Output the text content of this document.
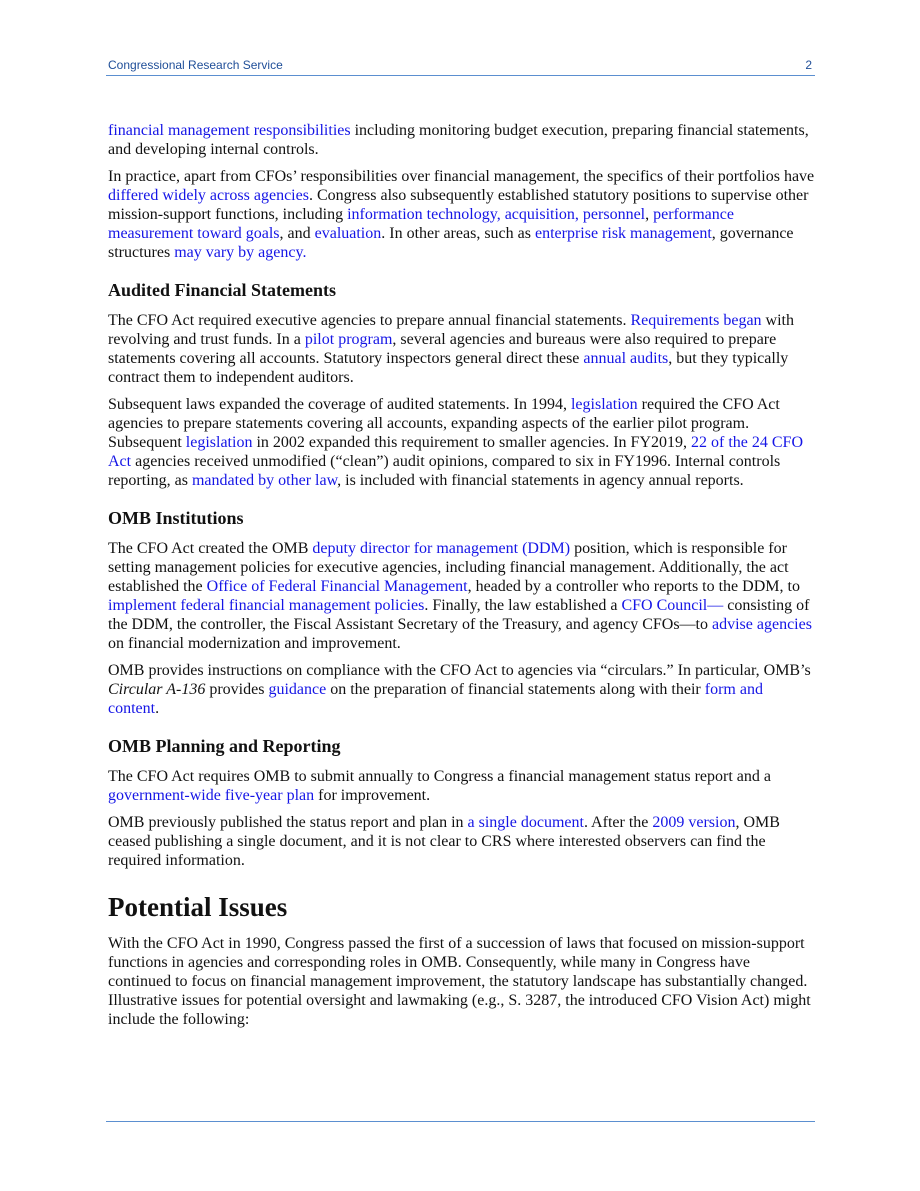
Congressional Research Service	2

financial management responsibilities including monitoring budget execution, preparing financial statements, and developing internal controls.

In practice, apart from CFOs’ responsibilities over financial management, the specifics of their portfolios have differed widely across agencies. Congress also subsequently established statutory positions to supervise other mission-support functions, including information technology, acquisition, personnel, performance measurement toward goals, and evaluation. In other areas, such as enterprise risk management, governance structures may vary by agency.

Audited Financial Statements

The CFO Act required executive agencies to prepare annual financial statements. Requirements began with revolving and trust funds. In a pilot program, several agencies and bureaus were also required to prepare statements covering all accounts. Statutory inspectors general direct these annual audits, but they typically contract them to independent auditors.

Subsequent laws expanded the coverage of audited statements. In 1994, legislation required the CFO Act agencies to prepare statements covering all accounts, expanding aspects of the earlier pilot program. Subsequent legislation in 2002 expanded this requirement to smaller agencies. In FY2019, 22 of the 24 CFO Act agencies received unmodified (“clean”) audit opinions, compared to six in FY1996. Internal controls reporting, as mandated by other law, is included with financial statements in agency annual reports.

OMB Institutions

The CFO Act created the OMB deputy director for management (DDM) position, which is responsible for setting management policies for executive agencies, including financial management. Additionally, the act established the Office of Federal Financial Management, headed by a controller who reports to the DDM, to implement federal financial management policies. Finally, the law established a CFO Council— consisting of the DDM, the controller, the Fiscal Assistant Secretary of the Treasury, and agency CFOs—to advise agencies on financial modernization and improvement.

OMB provides instructions on compliance with the CFO Act to agencies via “circulars.” In particular, OMB’s Circular A-136 provides guidance on the preparation of financial statements along with their form and content.

OMB Planning and Reporting

The CFO Act requires OMB to submit annually to Congress a financial management status report and a government-wide five-year plan for improvement.

OMB previously published the status report and plan in a single document. After the 2009 version, OMB ceased publishing a single document, and it is not clear to CRS where interested observers can find the required information.

Potential Issues

With the CFO Act in 1990, Congress passed the first of a succession of laws that focused on mission-support functions in agencies and corresponding roles in OMB. Consequently, while many in Congress have continued to focus on financial management improvement, the statutory landscape has substantially changed. Illustrative issues for potential oversight and lawmaking (e.g., S. 3287, the introduced CFO Vision Act) might include the following:
